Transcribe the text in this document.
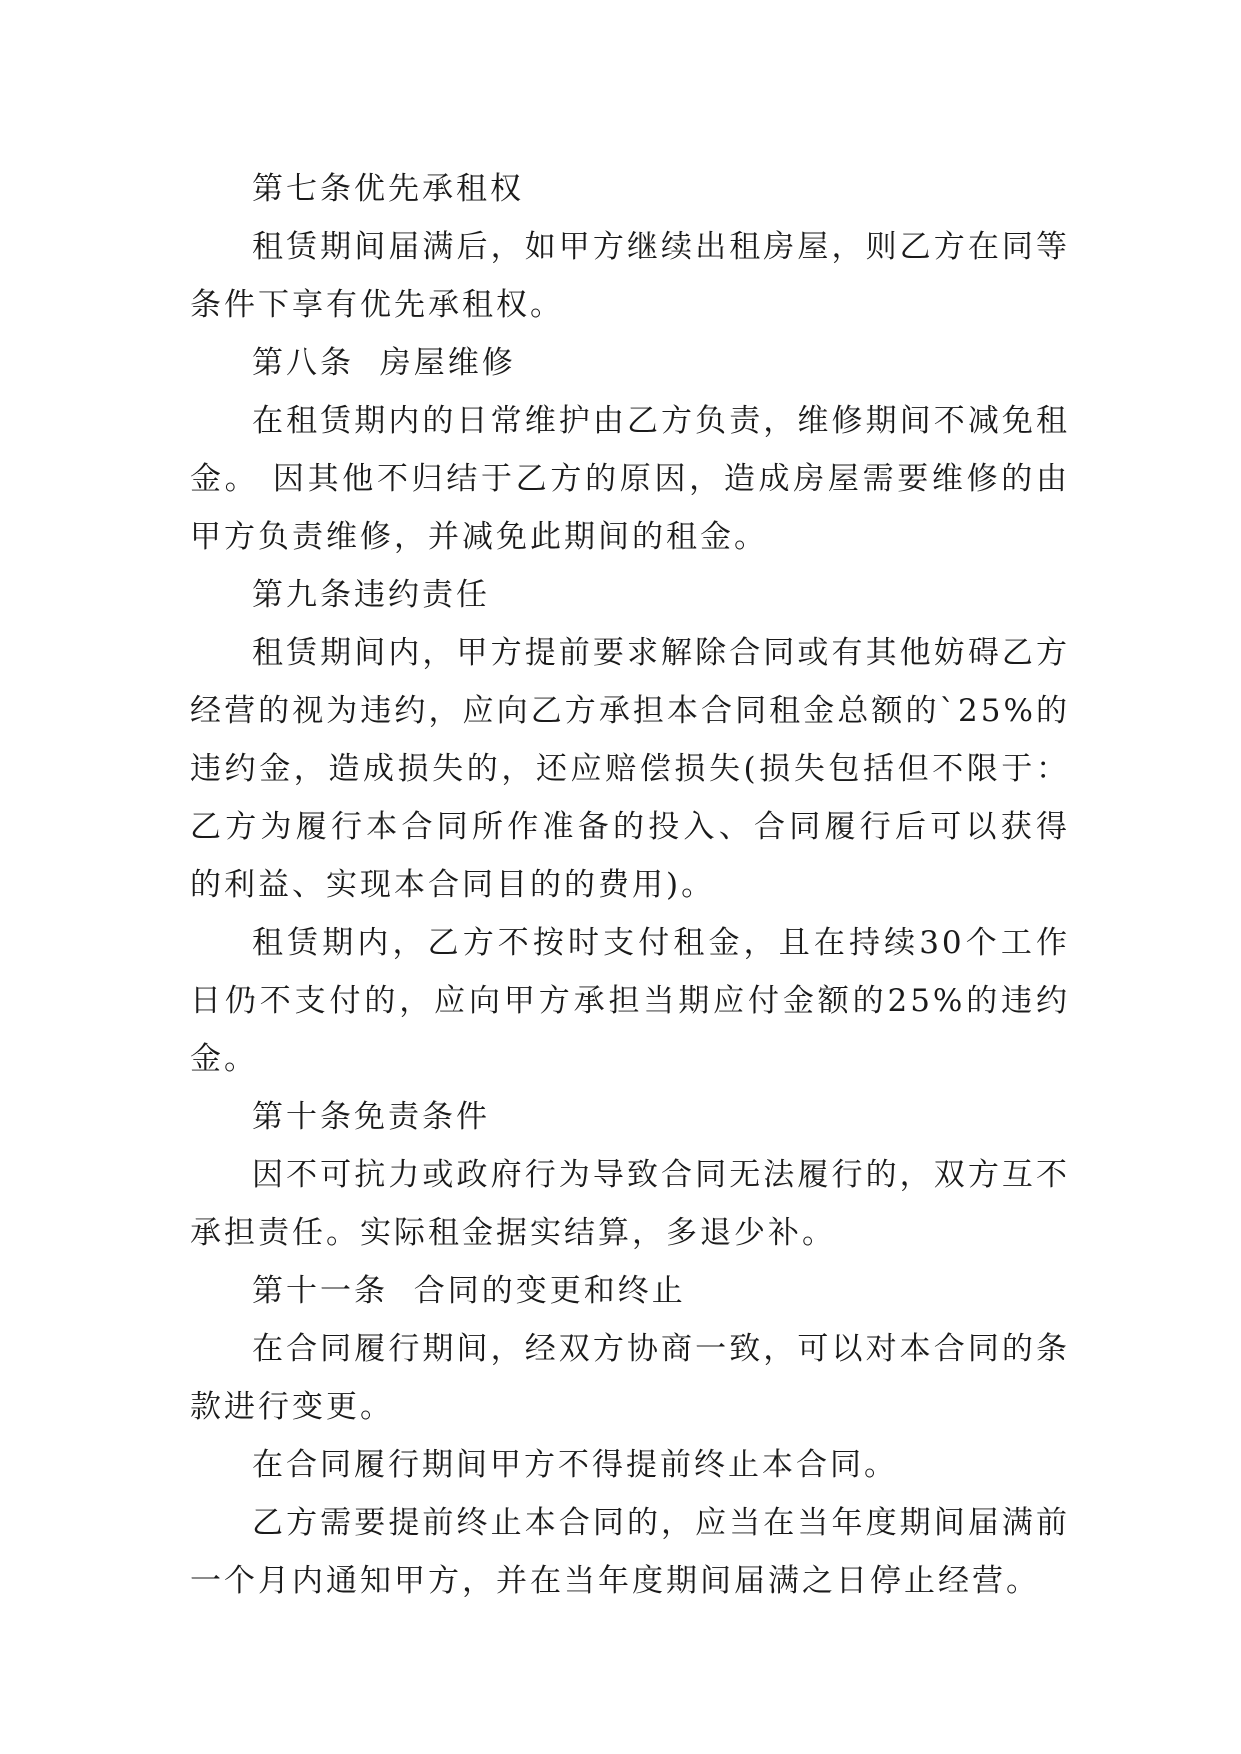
第七条优先承租权

租赁期间届满后，如甲方继续出租房屋，则乙方在同等条件下享有优先承租权。

第八条  房屋维修

在租赁期内的日常维护由乙方负责，维修期间不减免租金。 因其他不归结于乙方的原因，造成房屋需要维修的由甲方负责维修，并减免此期间的租金。

第九条违约责任

租赁期间内，甲方提前要求解除合同或有其他妨碍乙方经营的视为违约，应向乙方承担本合同租金总额的`25%的违约金，造成损失的，还应赔偿损失(损失包括但不限于：乙方为履行本合同所作准备的投入、合同履行后可以获得的利益、实现本合同目的的费用)。

租赁期内，乙方不按时支付租金，且在持续30个工作日仍不支付的，应向甲方承担当期应付金额的25%的违约金。

第十条免责条件

因不可抗力或政府行为导致合同无法履行的，双方互不承担责任。实际租金据实结算，多退少补。

第十一条  合同的变更和终止

在合同履行期间，经双方协商一致，可以对本合同的条款进行变更。

在合同履行期间甲方不得提前终止本合同。

乙方需要提前终止本合同的，应当在当年度期间届满前一个月内通知甲方，并在当年度期间届满之日停止经营。
